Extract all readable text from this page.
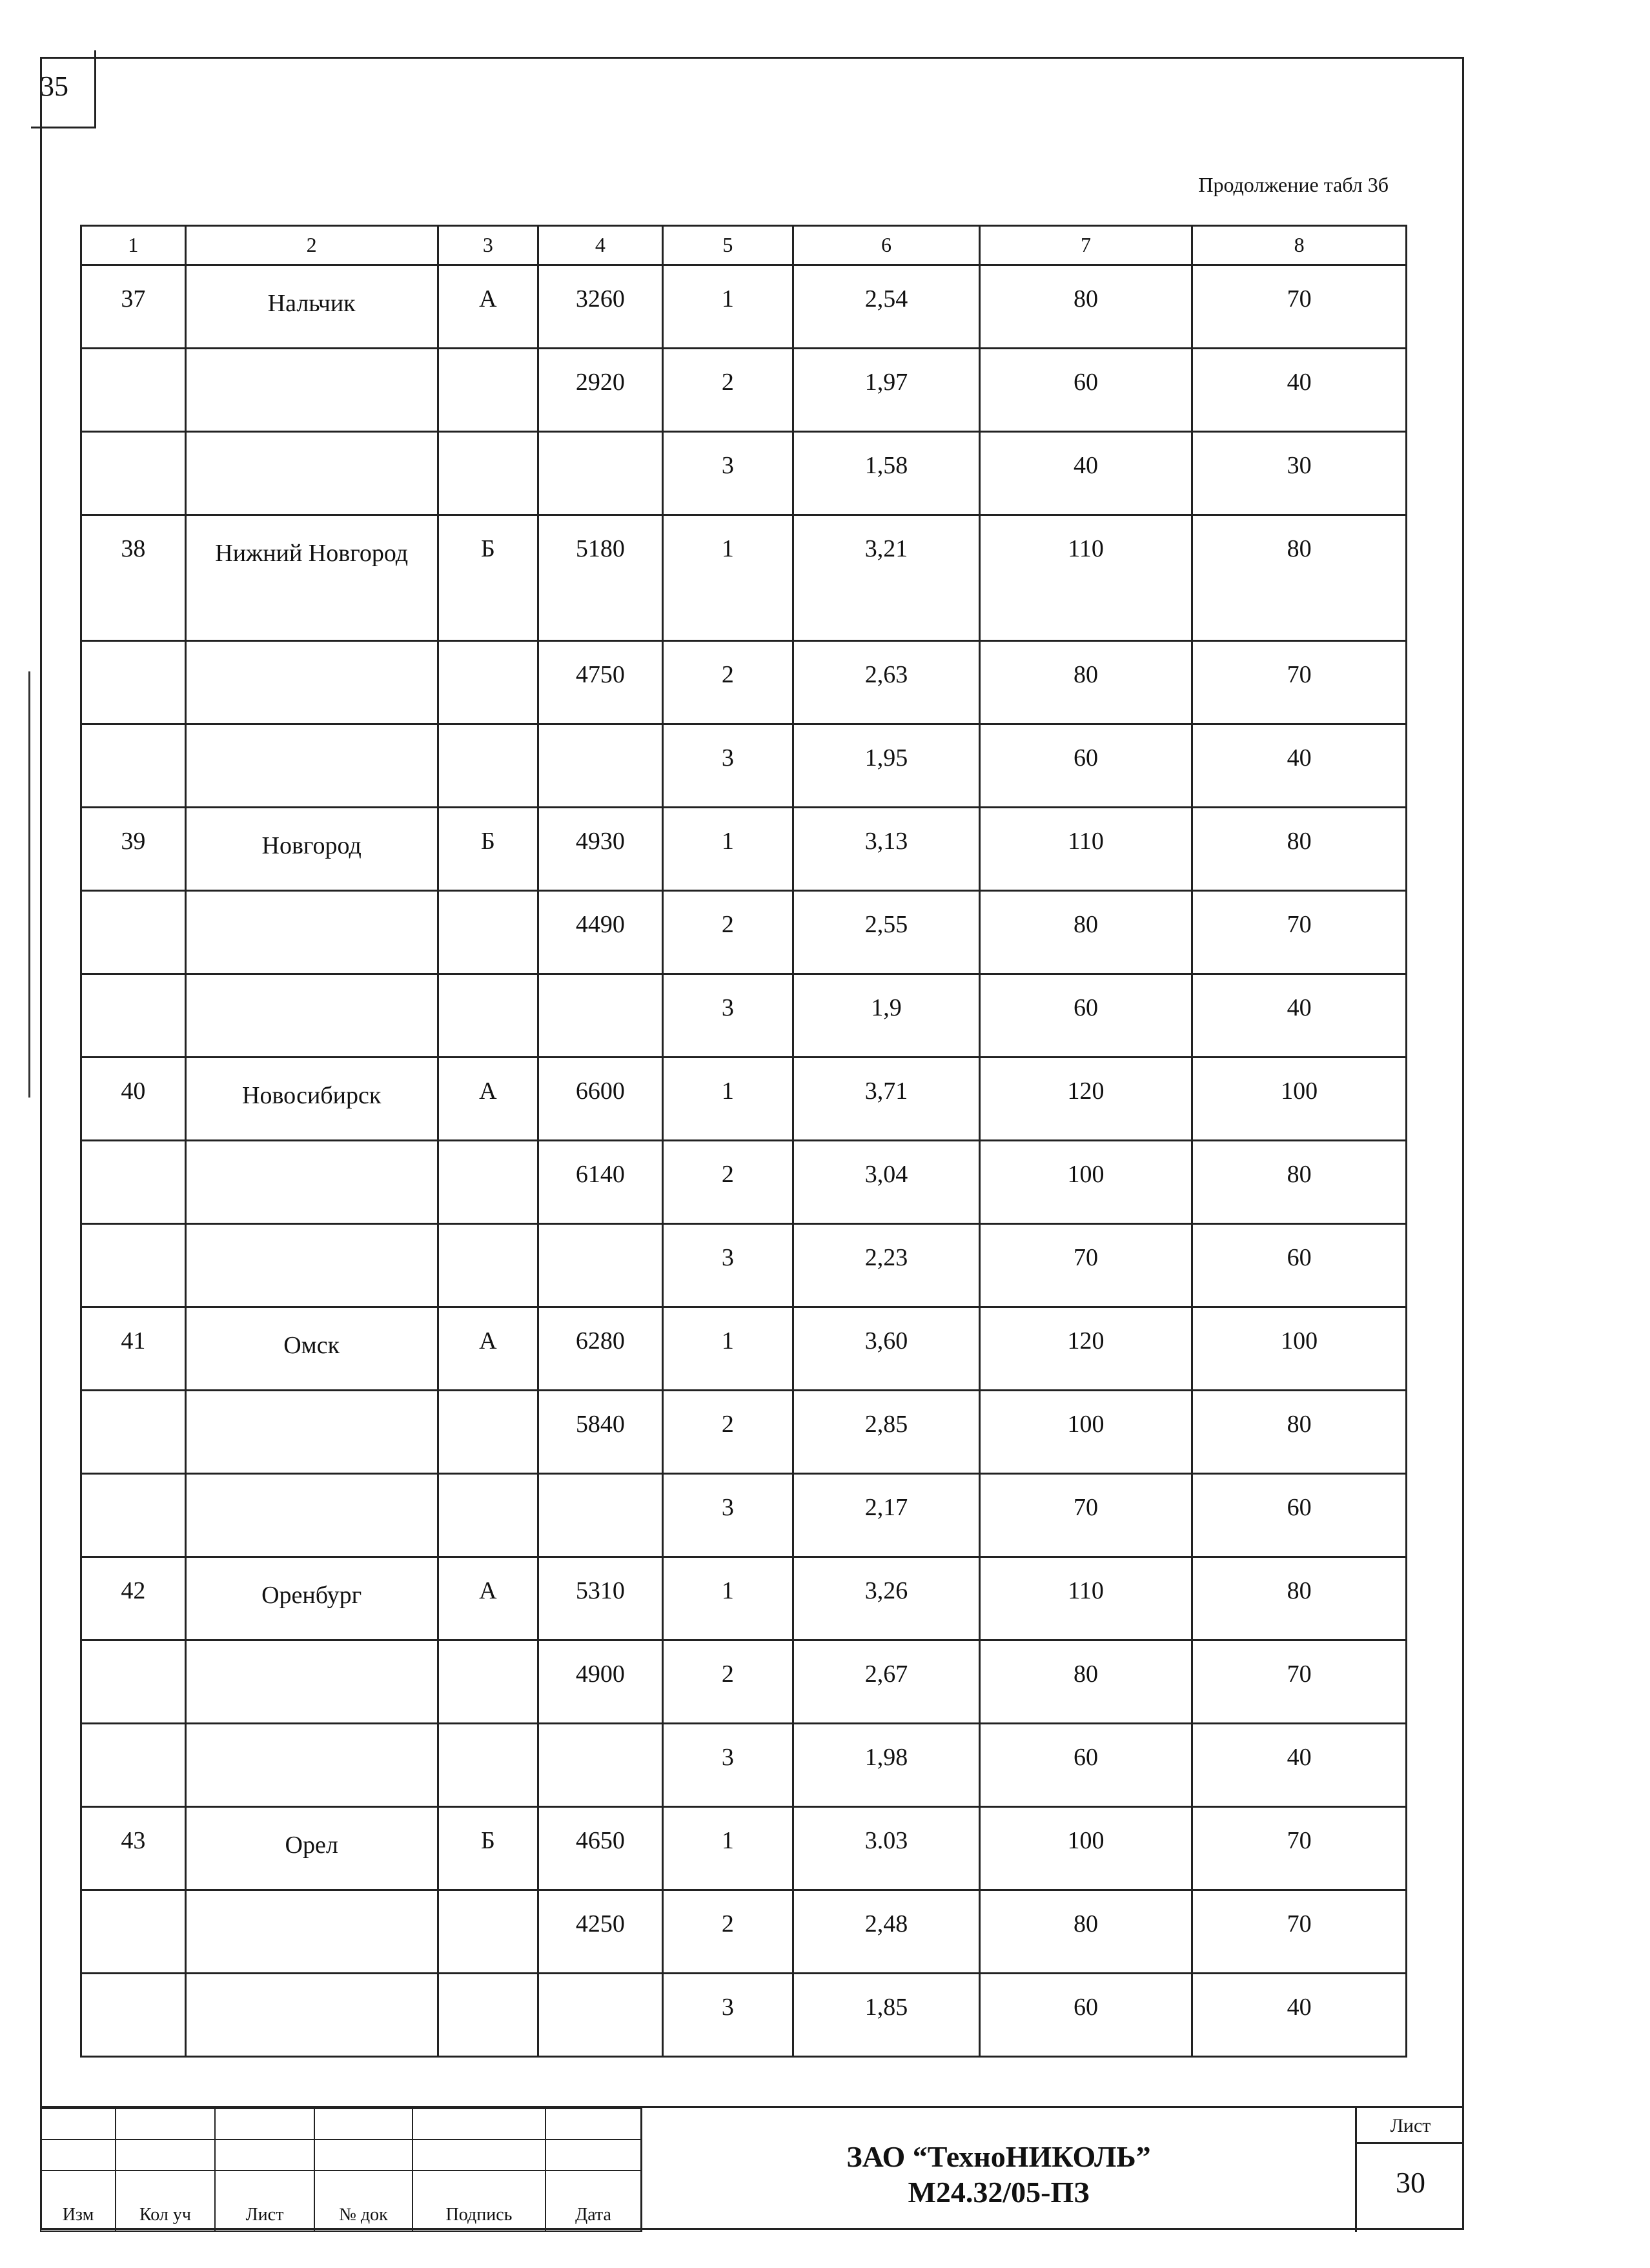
35
Продолжение табл 3б
1	2	3	4	5	6	7	8
37	Нальчик	А	3260	1	2,54	80	70
			2920	2	1,97	60	40
				3	1,58	40	30
38	Нижний Новгород	Б	5180	1	3,21	110	80
			4750	2	2,63	80	70
				3	1,95	60	40
39	Новгород	Б	4930	1	3,13	110	80
			4490	2	2,55	80	70
				3	1,9	60	40
40	Новосибирск	А	6600	1	3,71	120	100
			6140	2	3,04	100	80
				3	2,23	70	60
41	Омск	А	6280	1	3,60	120	100
			5840	2	2,85	100	80
				3	2,17	70	60
42	Оренбург	А	5310	1	3,26	110	80
			4900	2	2,67	80	70
				3	1,98	60	40
43	Орел	Б	4650	1	3.03	100	70
			4250	2	2,48	80	70
				3	1,85	60	40

Изм	Кол уч	Лист	№ док	Подпись	Дата
ЗАО “ТехноНИКОЛЬ”
М24.32/05-ПЗ
Лист
30
